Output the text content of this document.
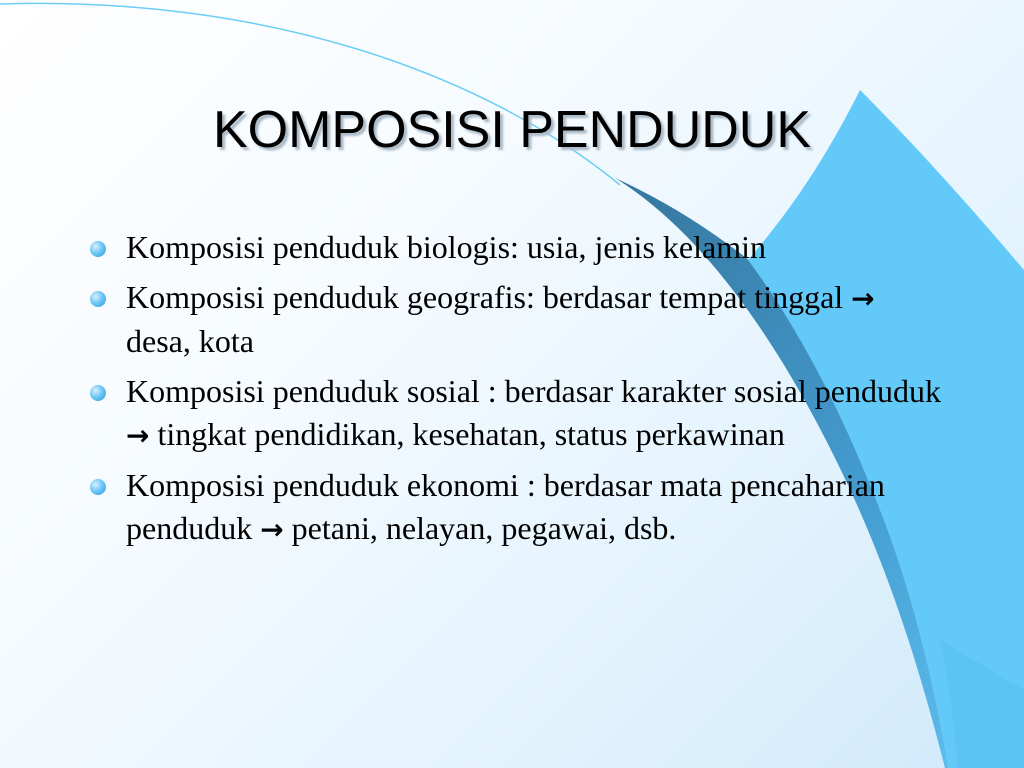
KOMPOSISI PENDUDUK
Komposisi penduduk biologis: usia, jenis kelamin
Komposisi penduduk geografis: berdasar tempat tinggal → desa, kota
Komposisi penduduk sosial : berdasar karakter sosial penduduk → tingkat pendidikan, kesehatan, status perkawinan
Komposisi penduduk ekonomi : berdasar mata pencaharian penduduk → petani, nelayan, pegawai, dsb.
